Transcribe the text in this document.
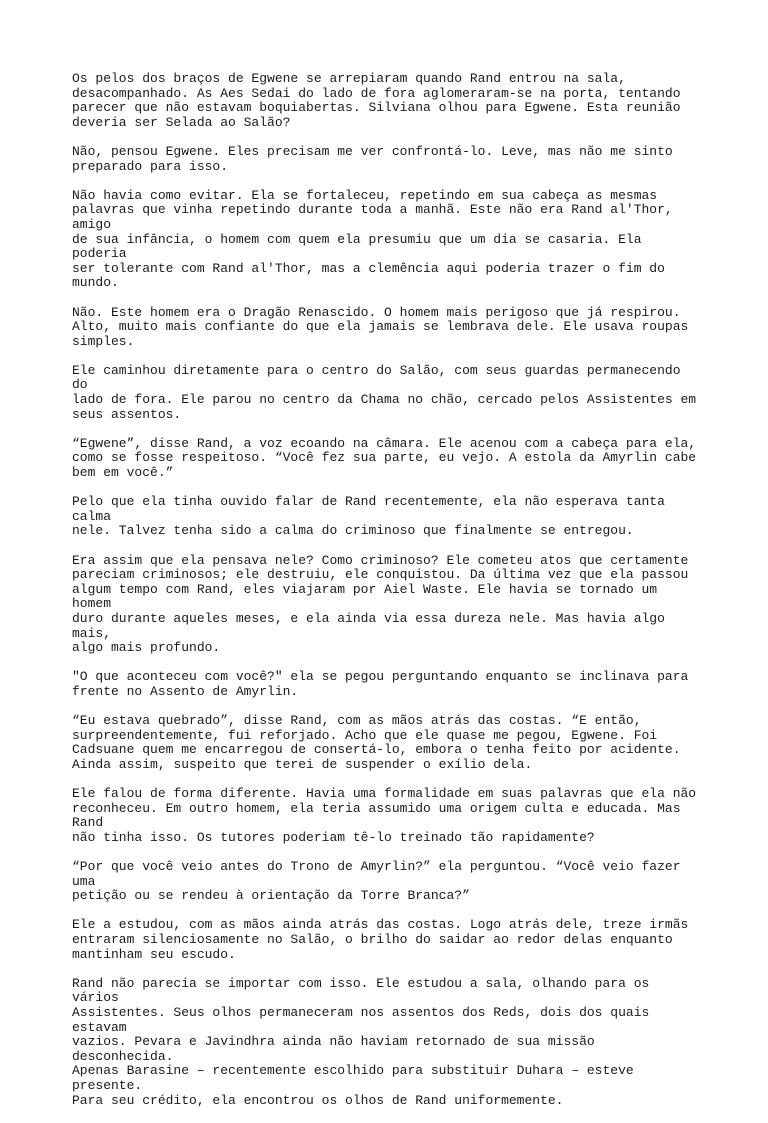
Os pelos dos braços de Egwene se arrepiaram quando Rand entrou na sala,
desacompanhado. As Aes Sedai do lado de fora aglomeraram-se na porta, tentando
parecer que não estavam boquiabertas. Silviana olhou para Egwene. Esta reunião
deveria ser Selada ao Salão?

Não, pensou Egwene. Eles precisam me ver confrontá-lo. Leve, mas não me sinto
preparado para isso.

Não havia como evitar. Ela se fortaleceu, repetindo em sua cabeça as mesmas
palavras que vinha repetindo durante toda a manhã. Este não era Rand al'Thor, amigo
de sua infância, o homem com quem ela presumiu que um dia se casaria. Ela poderia
ser tolerante com Rand al'Thor, mas a clemência aqui poderia trazer o fim do mundo.

Não. Este homem era o Dragão Renascido. O homem mais perigoso que já respirou.
Alto, muito mais confiante do que ela jamais se lembrava dele. Ele usava roupas
simples.

Ele caminhou diretamente para o centro do Salão, com seus guardas permanecendo do
lado de fora. Ele parou no centro da Chama no chão, cercado pelos Assistentes em
seus assentos.

“Egwene”, disse Rand, a voz ecoando na câmara. Ele acenou com a cabeça para ela,
como se fosse respeitoso. “Você fez sua parte, eu vejo. A estola da Amyrlin cabe
bem em você.”

Pelo que ela tinha ouvido falar de Rand recentemente, ela não esperava tanta calma
nele. Talvez tenha sido a calma do criminoso que finalmente se entregou.

Era assim que ela pensava nele? Como criminoso? Ele cometeu atos que certamente
pareciam criminosos; ele destruiu, ele conquistou. Da última vez que ela passou
algum tempo com Rand, eles viajaram por Aiel Waste. Ele havia se tornado um homem
duro durante aqueles meses, e ela ainda via essa dureza nele. Mas havia algo mais,
algo mais profundo.

"O que aconteceu com você?" ela se pegou perguntando enquanto se inclinava para
frente no Assento de Amyrlin.

“Eu estava quebrado”, disse Rand, com as mãos atrás das costas. “E então,
surpreendentemente, fui reforjado. Acho que ele quase me pegou, Egwene. Foi
Cadsuane quem me encarregou de consertá-lo, embora o tenha feito por acidente.
Ainda assim, suspeito que terei de suspender o exílio dela.

Ele falou de forma diferente. Havia uma formalidade em suas palavras que ela não
reconheceu. Em outro homem, ela teria assumido uma origem culta e educada. Mas Rand
não tinha isso. Os tutores poderiam tê-lo treinado tão rapidamente?

“Por que você veio antes do Trono de Amyrlin?” ela perguntou. “Você veio fazer uma
petição ou se rendeu à orientação da Torre Branca?”

Ele a estudou, com as mãos ainda atrás das costas. Logo atrás dele, treze irmãs
entraram silenciosamente no Salão, o brilho do saidar ao redor delas enquanto
mantinham seu escudo.

Rand não parecia se importar com isso. Ele estudou a sala, olhando para os vários
Assistentes. Seus olhos permaneceram nos assentos dos Reds, dois dos quais estavam
vazios. Pevara e Javindhra ainda não haviam retornado de sua missão desconhecida.
Apenas Barasine – recentemente escolhido para substituir Duhara – esteve presente.
Para seu crédito, ela encontrou os olhos de Rand uniformemente.
